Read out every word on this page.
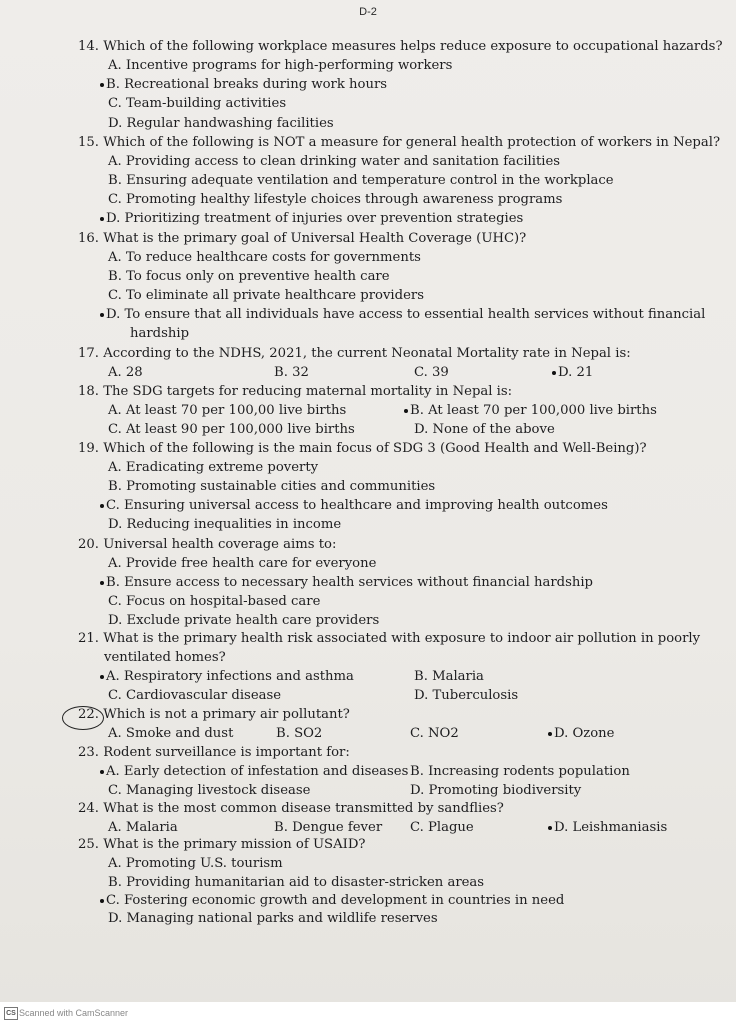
D-2
14. Which of the following workplace measures helps reduce exposure to occupational hazards?
A. Incentive programs for high-performing workers
B. Recreational breaks during work hours
C. Team-building activities
D. Regular handwashing facilities
15. Which of the following is NOT a measure for general health protection of workers in Nepal?
A. Providing access to clean drinking water and sanitation facilities
B. Ensuring adequate ventilation and temperature control in the workplace
C. Promoting healthy lifestyle choices through awareness programs
D. Prioritizing treatment of injuries over prevention strategies
16. What is the primary goal of Universal Health Coverage (UHC)?
A. To reduce healthcare costs for governments
B. To focus only on preventive health care
C. To eliminate all private healthcare providers
D. To ensure that all individuals have access to essential health services without financial
hardship
17. According to the NDHS, 2021, the current Neonatal Mortality rate in Nepal is:
A. 28	B. 32	C. 39	D. 21
18. The SDG targets for reducing maternal mortality in Nepal is:
A. At least 70 per 100,00 live births	B. At least 70 per 100,000 live births
C. At least 90 per 100,000 live births	D. None of the above
19. Which of the following is the main focus of SDG 3 (Good Health and Well-Being)?
A. Eradicating extreme poverty
B. Promoting sustainable cities and communities
C. Ensuring universal access to healthcare and improving health outcomes
D. Reducing inequalities in income
20. Universal health coverage aims to:
A. Provide free health care for everyone
B. Ensure access to necessary health services without financial hardship
C. Focus on hospital-based care
D. Exclude private health care providers
21. What is the primary health risk associated with exposure to indoor air pollution in poorly
ventilated homes?
A. Respiratory infections and asthma	B. Malaria
C. Cardiovascular disease	D. Tuberculosis
22. Which is not a primary air pollutant?
A. Smoke and dust	B. SO2	C. NO2	D. Ozone
23. Rodent surveillance is important for:
A. Early detection of infestation and diseases B. Increasing rodents population
C. Managing livestock disease	D. Promoting biodiversity
24. What is the most common disease transmitted by sandflies?
A. Malaria	B. Dengue fever C. Plague	D. Leishmaniasis
25. What is the primary mission of USAID?
A. Promoting U.S. tourism
B. Providing humanitarian aid to disaster-stricken areas
C. Fostering economic growth and development in countries in need
D. Managing national parks and wildlife reserves
CS Scanned with CamScanner
